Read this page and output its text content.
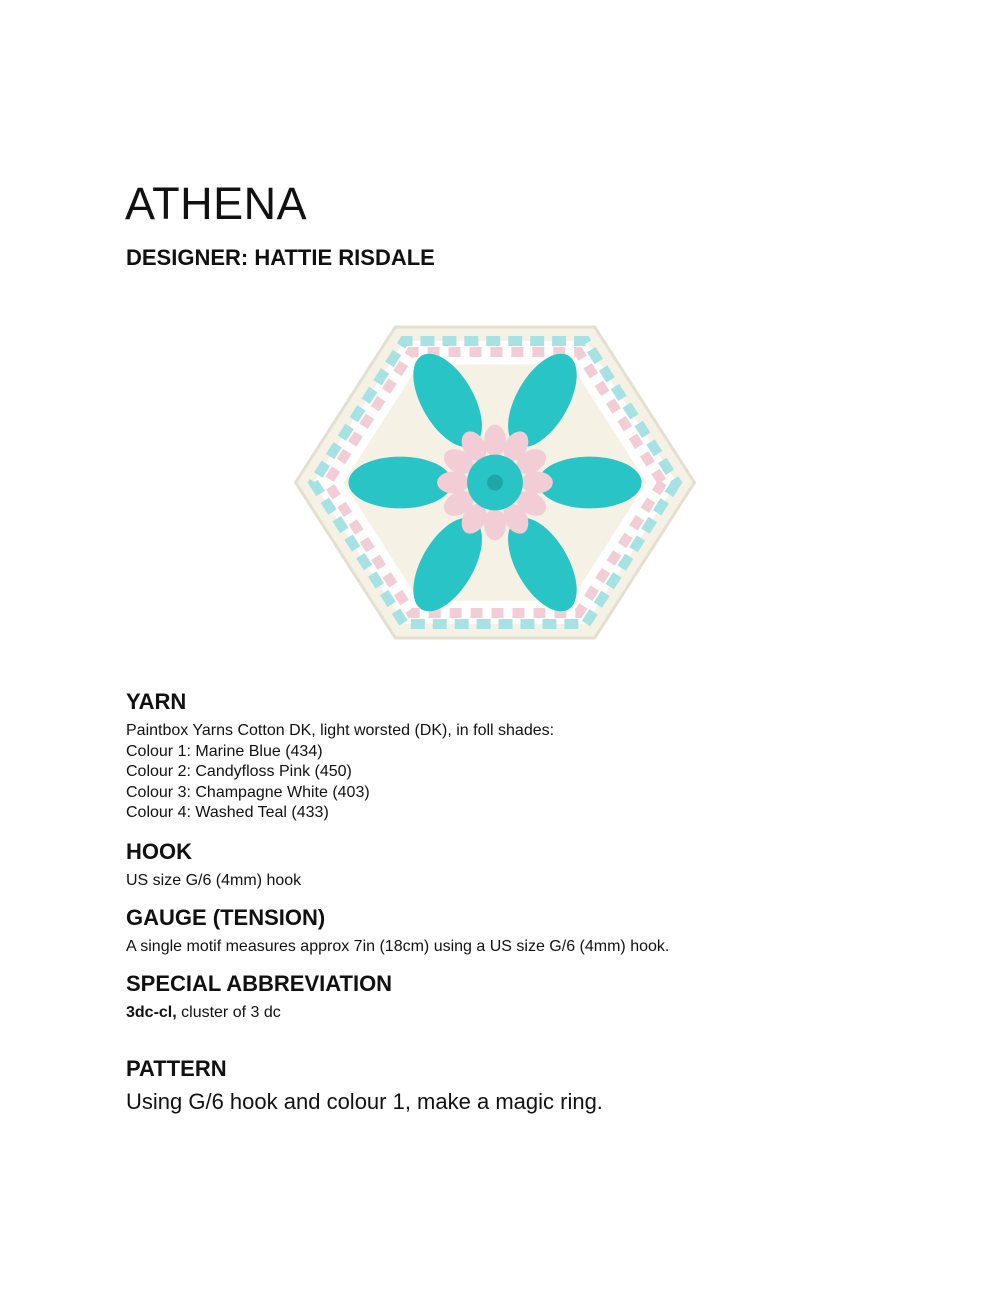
ATHENA
DESIGNER: HATTIE RISDALE
YARN

Paintbox Yarns Cotton DK, light worsted (DK), in foll shades:

Colour 1: Marine Blue (434)

Colour 2: Candyfloss Pink (450)

Colour 3: Champagne White (403)

Colour 4: Washed Teal (433)

HOOK

US size G/6 (4mm) hook

GAUGE (TENSION)

A single motif measures approx 7in (18cm) using a US size G/6 (4mm) hook.

SPECIAL ABBREVIATION

3dc-cl, cluster of 3 dc

PATTERN

Using G/6 hook and colour 1, make a magic ring.
